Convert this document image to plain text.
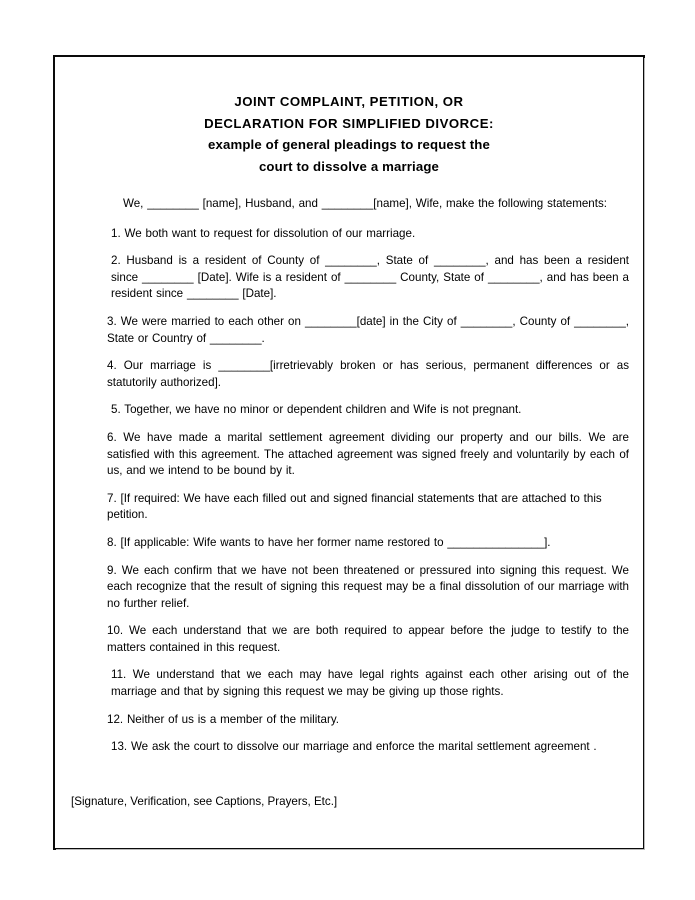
JOINT COMPLAINT, PETITION, OR
DECLARATION FOR SIMPLIFIED DIVORCE:
example of general pleadings to request the
court to dissolve a marriage

We, ________ [name], Husband, and ________[name], Wife, make the following statements:

1. We both want to request for dissolution of our marriage.

2. Husband is a resident of County of ________, State of ________, and has been a resident since ________ [Date]. Wife is a resident of ________ County, State of ________, and has been a resident since ________ [Date].

3. We were married to each other on ________[date] in the City of ________, County of ________, State or Country of ________.

4. Our marriage is ________[irretrievably broken or has serious, permanent differences or as statutorily authorized].

5. Together, we have no minor or dependent children and Wife is not pregnant.

6. We have made a marital settlement agreement dividing our property and our bills. We are satisfied with this agreement. The attached agreement was signed freely and voluntarily by each of us, and we intend to be bound by it.

7. [If required: We have each filled out and signed financial statements that are attached to this petition.

8. [If applicable: Wife wants to have her former name restored to _______________].

9. We each confirm that we have not been threatened or pressured into signing this request. We each recognize that the result of signing this request may be a final dissolution of our marriage with no further relief.

10. We each understand that we are both required to appear before the judge to testify to the matters contained in this request.

11. We understand that we each may have legal rights against each other arising out of the marriage and that by signing this request we may be giving up those rights.

12. Neither of us is a member of the military.

13. We ask the court to dissolve our marriage and enforce the marital settlement agreement .

[Signature, Verification, see Captions, Prayers, Etc.]
